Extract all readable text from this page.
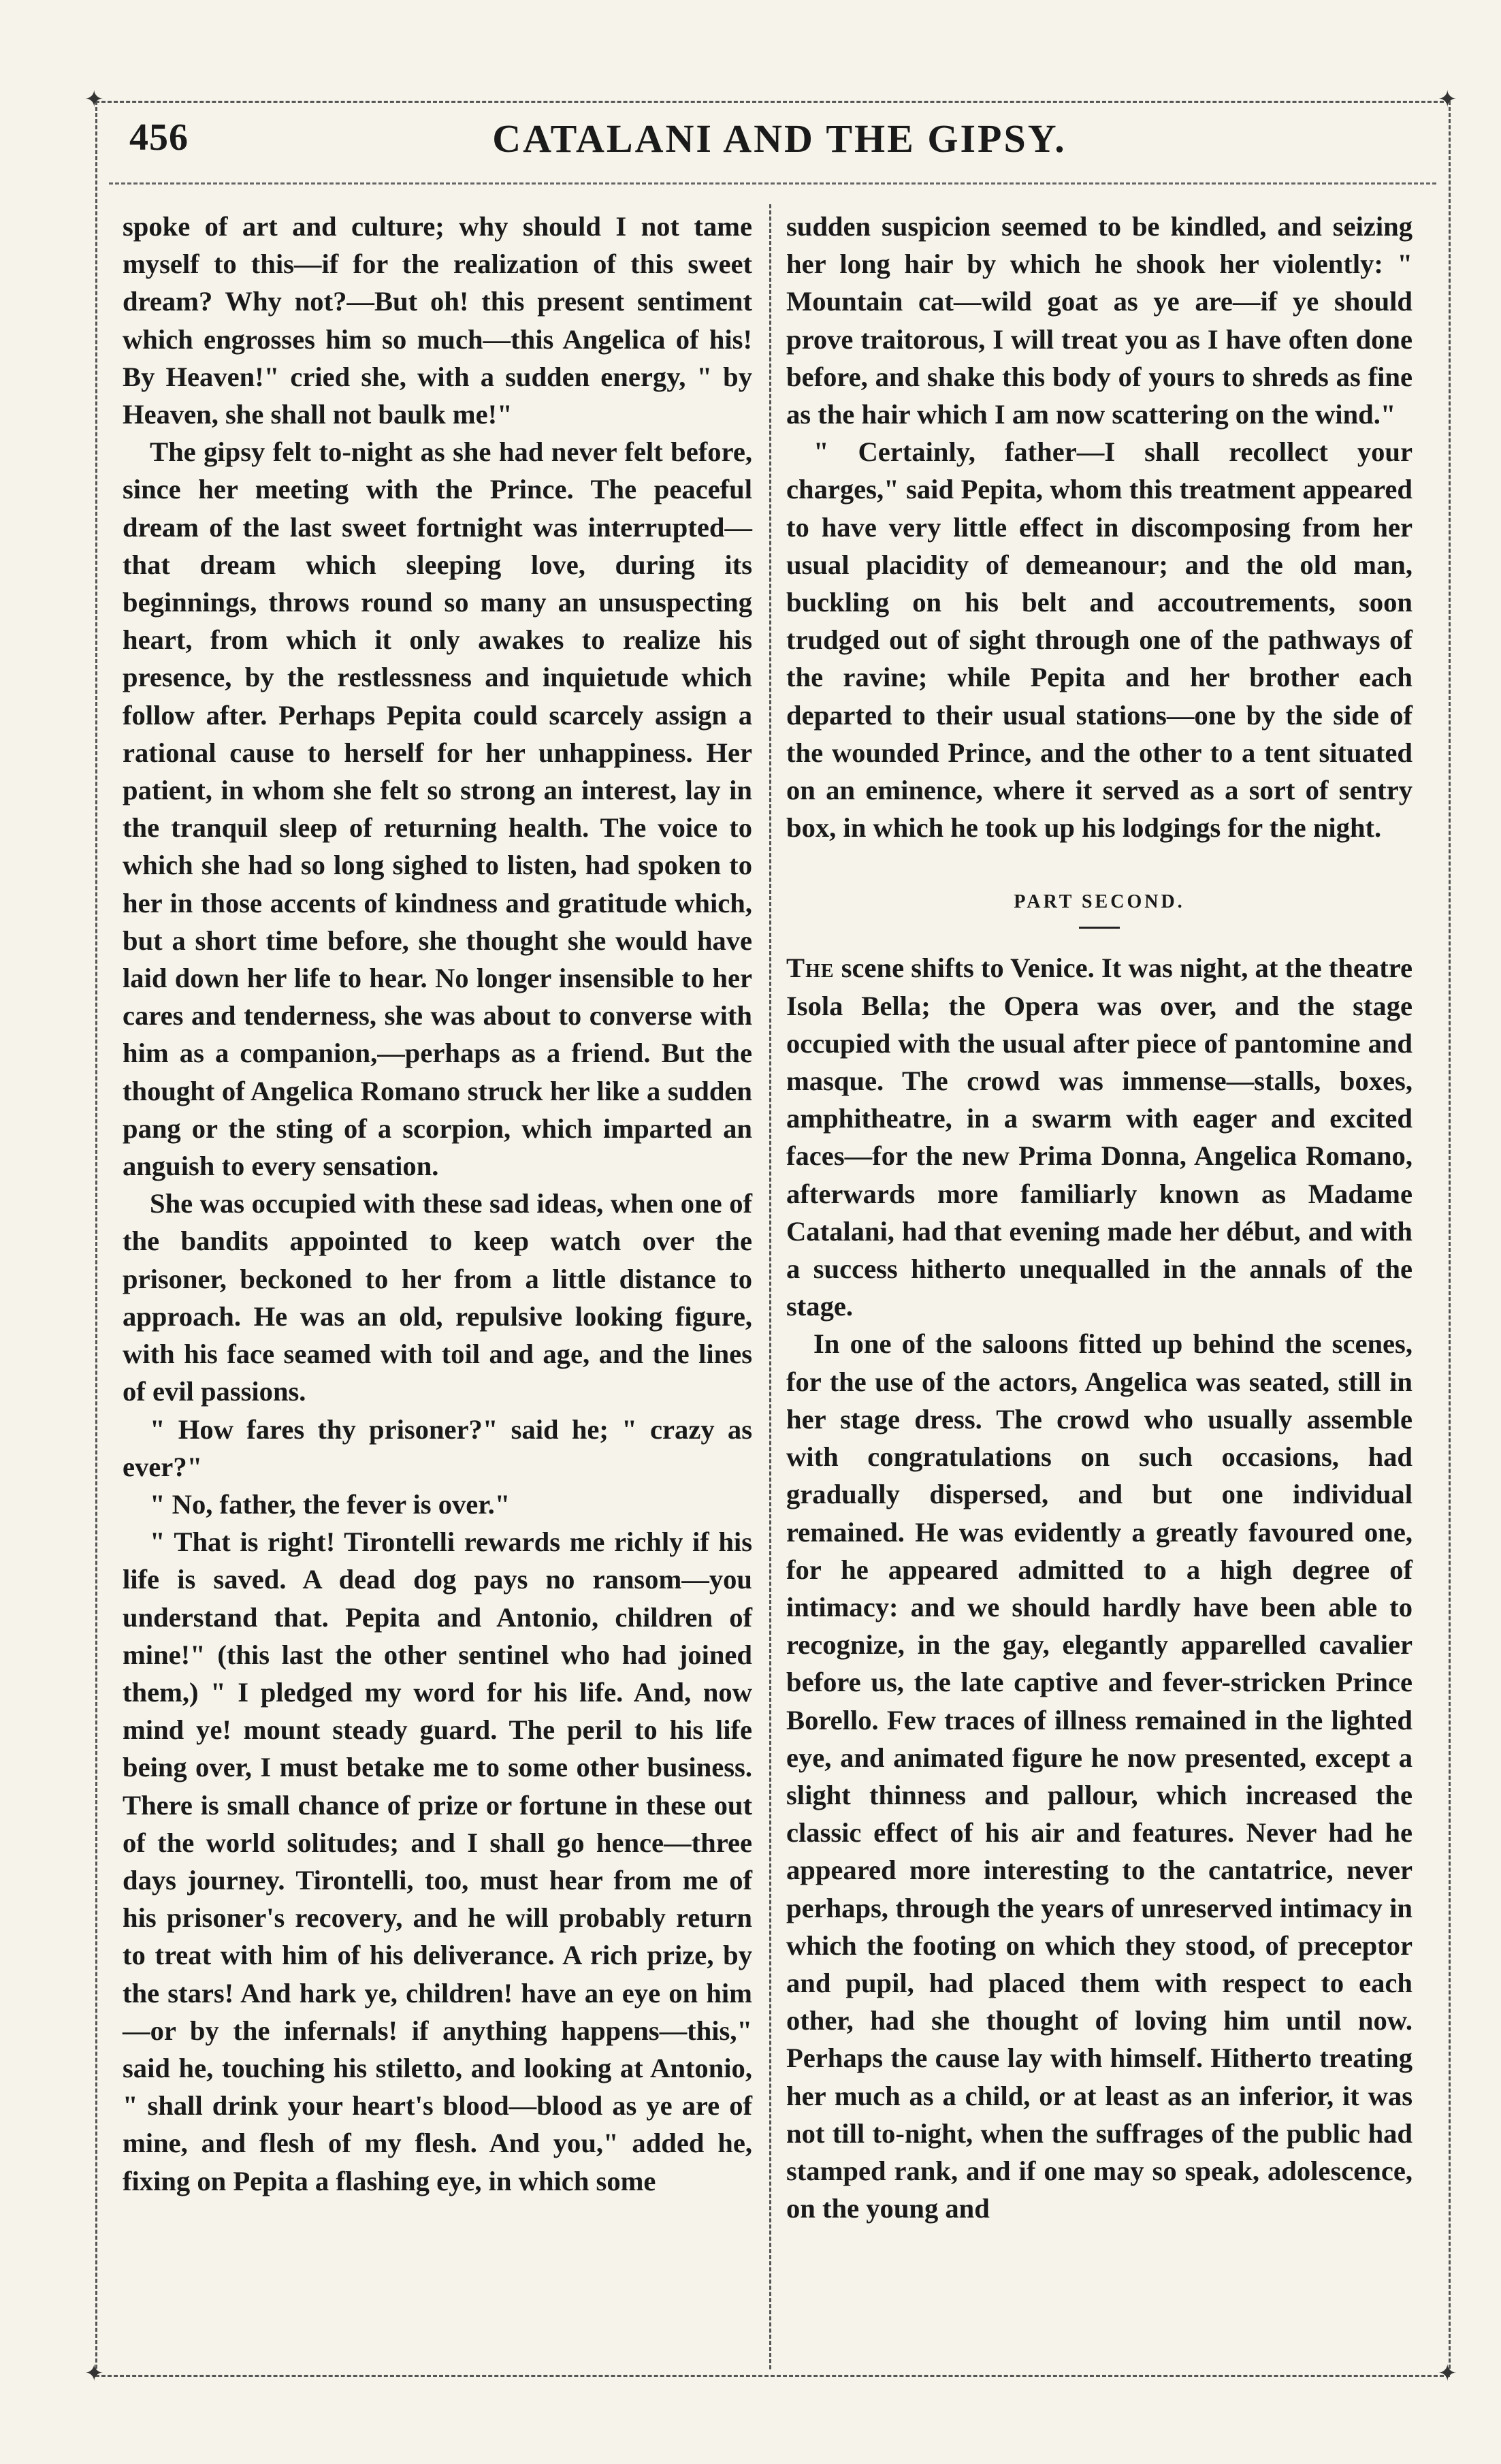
✦	✦
✦	✦
456	CATALANI AND THE GIPSY.

spoke of art and culture; why should I not tame myself to this—if for the realization of this sweet dream? Why not?—But oh! this present sentiment which engrosses him so much—this Angelica of his! By Heaven!" cried she, with a sudden energy, " by Heaven, she shall not baulk me!"

The gipsy felt to-night as she had never felt before, since her meeting with the Prince. The peaceful dream of the last sweet fortnight was interrupted—that dream which sleeping love, during its beginnings, throws round so many an unsuspecting heart, from which it only awakes to realize his presence, by the restlessness and inquietude which follow after. Perhaps Pepita could scarcely assign a rational cause to herself for her unhappiness. Her patient, in whom she felt so strong an interest, lay in the tranquil sleep of returning health. The voice to which she had so long sighed to listen, had spoken to her in those accents of kindness and gratitude which, but a short time before, she thought she would have laid down her life to hear. No longer insensible to her cares and tenderness, she was about to converse with him as a companion,—perhaps as a friend. But the thought of Angelica Romano struck her like a sudden pang or the sting of a scorpion, which imparted an anguish to every sensation.

She was occupied with these sad ideas, when one of the bandits appointed to keep watch over the prisoner, beckoned to her from a little distance to approach. He was an old, repulsive looking figure, with his face seamed with toil and age, and the lines of evil passions.

" How fares thy prisoner?" said he; " crazy as ever?"

" No, father, the fever is over."

" That is right! Tirontelli rewards me richly if his life is saved. A dead dog pays no ransom—you understand that. Pepita and Antonio, children of mine!" (this last the other sentinel who had joined them,) " I pledged my word for his life. And, now mind ye! mount steady guard. The peril to his life being over, I must betake me to some other business. There is small chance of prize or fortune in these out of the world solitudes; and I shall go hence—three days journey. Tirontelli, too, must hear from me of his prisoner's recovery, and he will probably return to treat with him of his deliverance. A rich prize, by the stars! And hark ye, children! have an eye on him—or by the infernals! if anything happens—this," said he, touching his stiletto, and looking at Antonio, " shall drink your heart's blood—blood as ye are of mine, and flesh of my flesh. And you," added he, fixing on Pepita a flashing eye, in which some

sudden suspicion seemed to be kindled, and seizing her long hair by which he shook her violently: " Mountain cat—wild goat as ye are—if ye should prove traitorous, I will treat you as I have often done before, and shake this body of yours to shreds as fine as the hair which I am now scattering on the wind."

" Certainly, father—I shall recollect your charges," said Pepita, whom this treatment appeared to have very little effect in discomposing from her usual placidity of demeanour; and the old man, buckling on his belt and accoutrements, soon trudged out of sight through one of the pathways of the ravine; while Pepita and her brother each departed to their usual stations—one by the side of the wounded Prince, and the other to a tent situated on an eminence, where it served as a sort of sentry box, in which he took up his lodgings for the night.

PART SECOND.

The scene shifts to Venice. It was night, at the theatre Isola Bella; the Opera was over, and the stage occupied with the usual after piece of pantomine and masque. The crowd was immense—stalls, boxes, amphitheatre, in a swarm with eager and excited faces—for the new Prima Donna, Angelica Romano, afterwards more familiarly known as Madame Catalani, had that evening made her début, and with a success hitherto unequalled in the annals of the stage.

In one of the saloons fitted up behind the scenes, for the use of the actors, Angelica was seated, still in her stage dress. The crowd who usually assemble with congratulations on such occasions, had gradually dispersed, and but one individual remained. He was evidently a greatly favoured one, for he appeared admitted to a high degree of intimacy: and we should hardly have been able to recognize, in the gay, elegantly apparelled cavalier before us, the late captive and fever-stricken Prince Borello. Few traces of illness remained in the lighted eye, and animated figure he now presented, except a slight thinness and pallour, which increased the classic effect of his air and features. Never had he appeared more interesting to the cantatrice, never perhaps, through the years of unreserved intimacy in which the footing on which they stood, of preceptor and pupil, had placed them with respect to each other, had she thought of loving him until now. Perhaps the cause lay with himself. Hitherto treating her much as a child, or at least as an inferior, it was not till to-night, when the suffrages of the public had stamped rank, and if one may so speak, adolescence, on the young and
